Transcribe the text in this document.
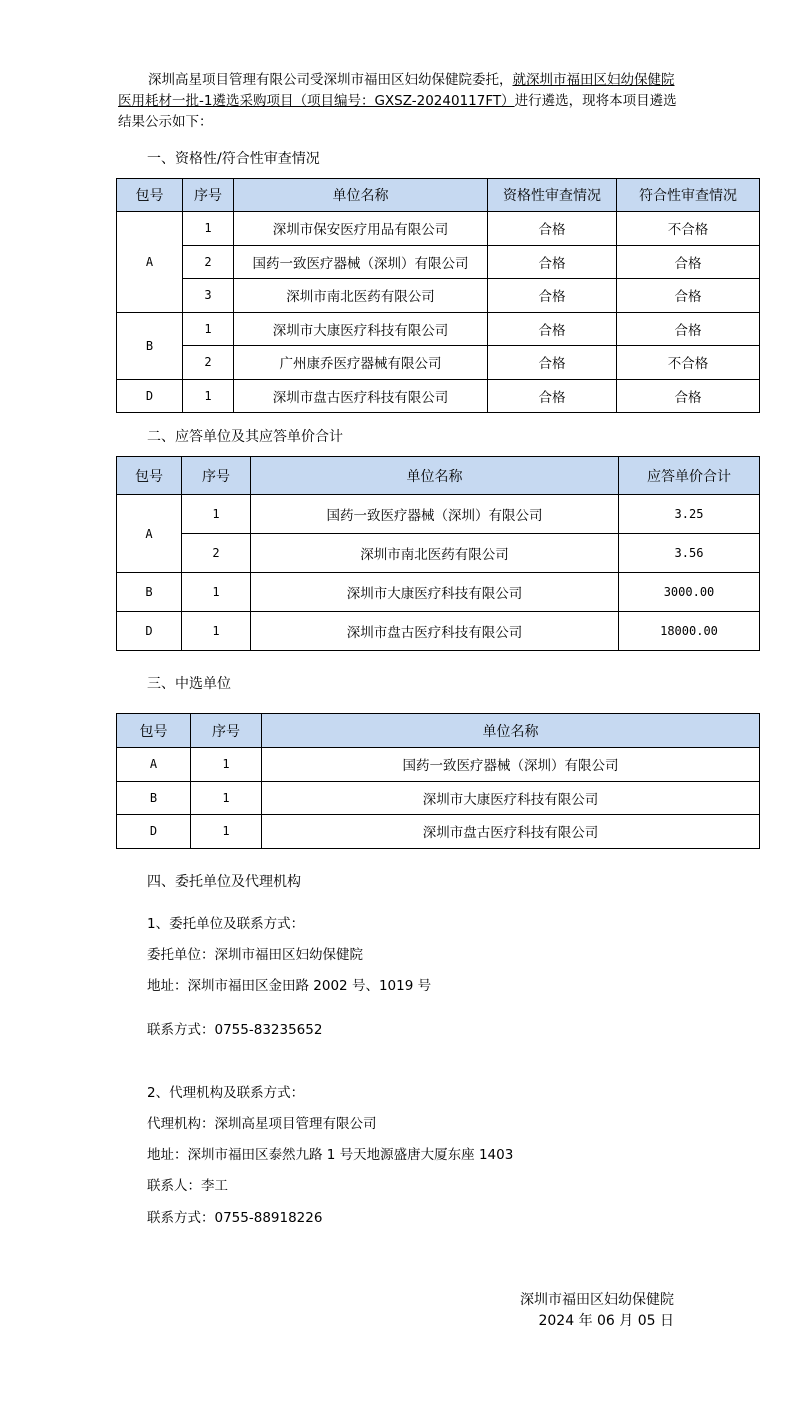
深圳高星项目管理有限公司受深圳市福田区妇幼保健院委托，就深圳市福田区妇幼保健院医用耗材一批-1遴选采购项目（项目编号：GXSZ-20240117FT）进行遴选，现将本项目遴选结果公示如下：
一、资格性/符合性审查情况
包号	序号	单位名称	资格性审查情况	符合性审查情况
A	1	深圳市保安医疗用品有限公司	合格	不合格
	2	国药一致医疗器械（深圳）有限公司	合格	合格
	3	深圳市南北医药有限公司	合格	合格
B	1	深圳市大康医疗科技有限公司	合格	合格
	2	广州康乔医疗器械有限公司	合格	不合格
D	1	深圳市盘古医疗科技有限公司	合格	合格
二、应答单位及其应答单价合计
包号	序号	单位名称	应答单价合计
A	1	国药一致医疗器械（深圳）有限公司	3.25
	2	深圳市南北医药有限公司	3.56
B	1	深圳市大康医疗科技有限公司	3000.00
D	1	深圳市盘古医疗科技有限公司	18000.00
三、中选单位
包号	序号	单位名称
A	1	国药一致医疗器械（深圳）有限公司
B	1	深圳市大康医疗科技有限公司
D	1	深圳市盘古医疗科技有限公司
四、委托单位及代理机构
1、委托单位及联系方式：
委托单位：深圳市福田区妇幼保健院
地址：深圳市福田区金田路 2002 号、1019 号
联系方式：0755-83235652
2、代理机构及联系方式：
代理机构：深圳高星项目管理有限公司
地址：深圳市福田区泰然九路 1 号天地源盛唐大厦东座 1403
联系人：李工
联系方式：0755-88918226
深圳市福田区妇幼保健院
2024 年 06 月 05 日
